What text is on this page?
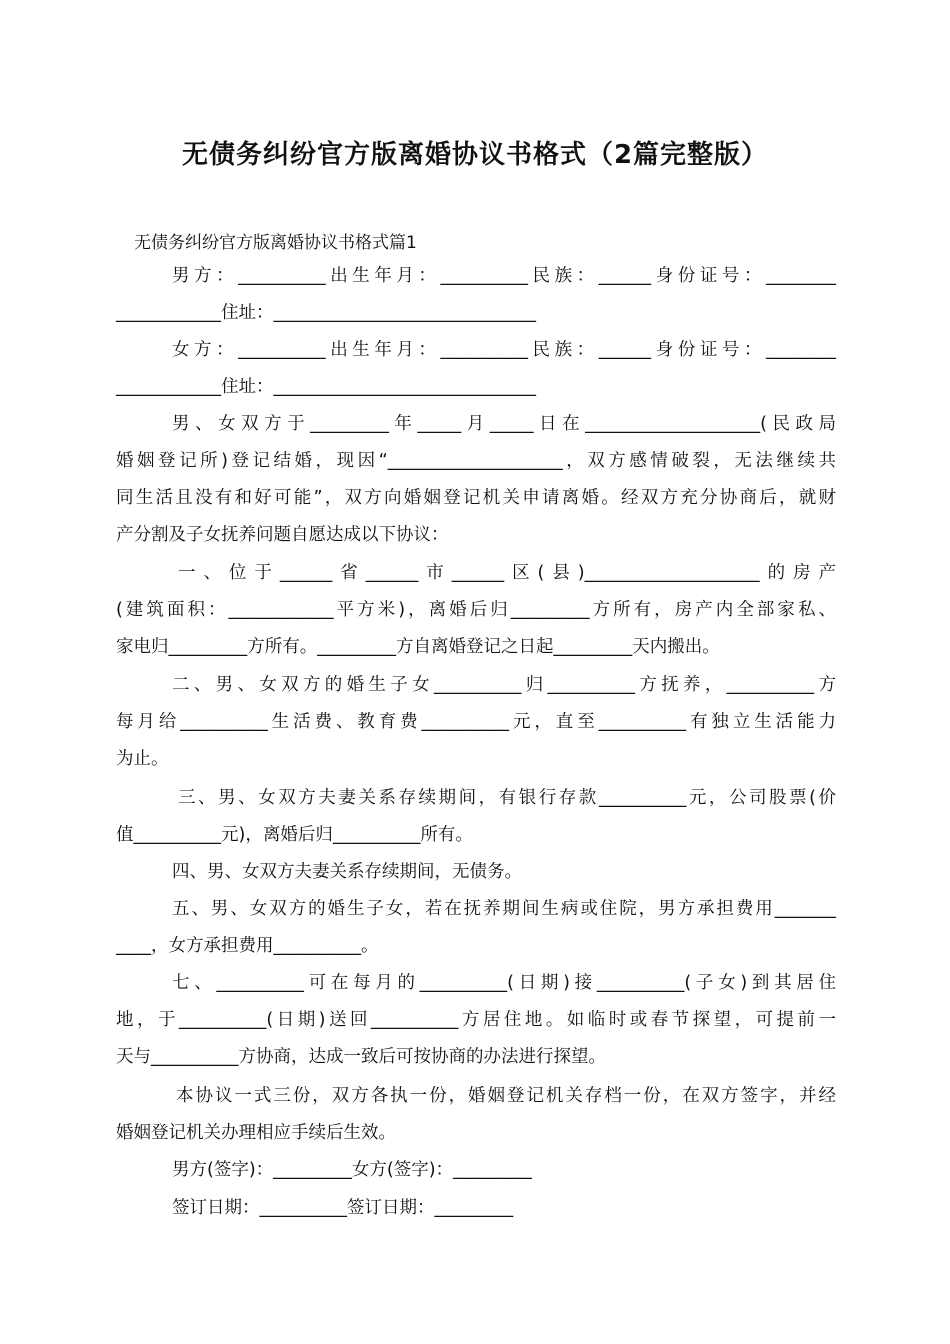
无债务纠纷官方版离婚协议书格式（2篇完整版）
无债务纠纷官方版离婚协议书格式篇1
男方：__________出生年月：__________民族：______身份证号：________
____________住址：______________________________
女方：__________出生年月：__________民族：______身份证号：________
____________住址：______________________________
男、女双方于_________年_____月_____日在____________________(民政局
婚姻登记所)登记结婚，现因“____________________，双方感情破裂，无法继续共
同生活且没有和好可能”，双方向婚姻登记机关申请离婚。经双方充分协商后，就财
产分割及子女抚养问题自愿达成以下协议：
一、位于______省______市______区(县)____________________的房产
(建筑面积：____________平方米)，离婚后归_________方所有，房产内全部家私、
家电归_________方所有。_________方自离婚登记之日起_________天内搬出。
二、男、女双方的婚生子女__________归__________方抚养，__________方
每月给__________生活费、教育费__________元，直至__________有独立生活能力
为止。
三、男、女双方夫妻关系存续期间，有银行存款__________元，公司股票(价
值__________元)，离婚后归__________所有。
四、男、女双方夫妻关系存续期间，无债务。
五、男、女双方的婚生子女，若在抚养期间生病或住院，男方承担费用_______
____，女方承担费用__________。
七、__________可在每月的__________(日期)接__________(子女)到其居住
地，于__________(日期)送回__________方居住地。如临时或春节探望，可提前一
天与__________方协商，达成一致后可按协商的办法进行探望。
本协议一式三份，双方各执一份，婚姻登记机关存档一份，在双方签字，并经
婚姻登记机关办理相应手续后生效。
男方(签字)：_________女方(签字)：_________
签订日期：__________签订日期：_________
